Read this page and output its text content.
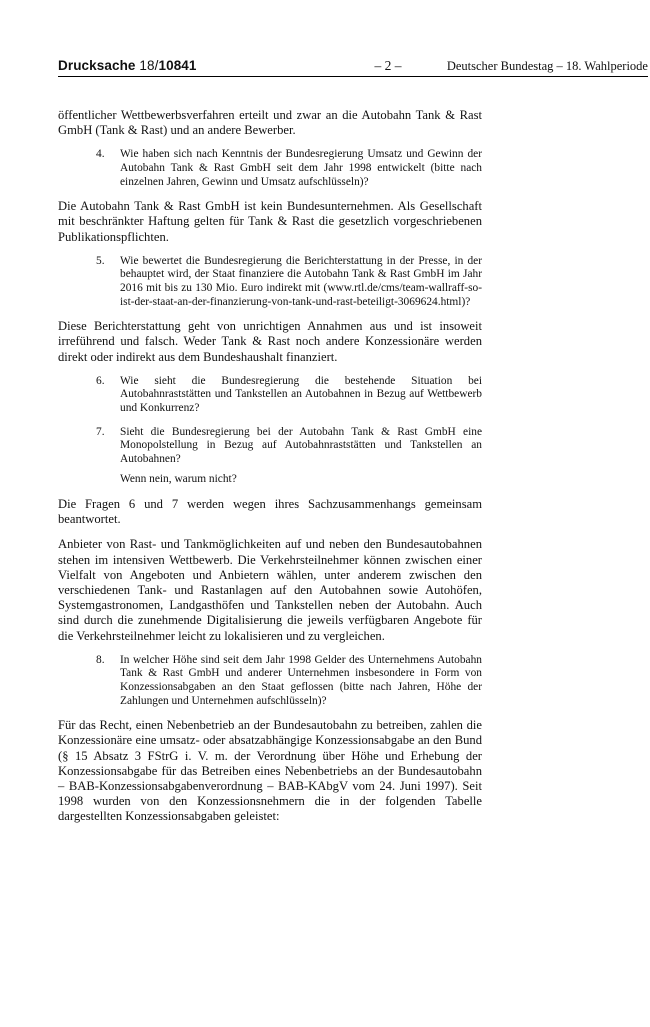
Drucksache 18/10841	– 2 –	Deutscher Bundestag – 18. Wahlperiode
öffentlicher Wettbewerbsverfahren erteilt und zwar an die Autobahn Tank & Rast GmbH (Tank & Rast) und an andere Bewerber.
4. Wie haben sich nach Kenntnis der Bundesregierung Umsatz und Gewinn der Autobahn Tank & Rast GmbH seit dem Jahr 1998 entwickelt (bitte nach einzelnen Jahren, Gewinn und Umsatz aufschlüsseln)?
Die Autobahn Tank & Rast GmbH ist kein Bundesunternehmen. Als Gesellschaft mit beschränkter Haftung gelten für Tank & Rast die gesetzlich vorgeschriebenen Publikationspflichten.
5. Wie bewertet die Bundesregierung die Berichterstattung in der Presse, in der behauptet wird, der Staat finanziere die Autobahn Tank & Rast GmbH im Jahr 2016 mit bis zu 130 Mio. Euro indirekt mit (www.rtl.de/cms/team-wallraff-so-ist-der-staat-an-der-finanzierung-von-tank-und-rast-beteiligt-3069624.html)?
Diese Berichterstattung geht von unrichtigen Annahmen aus und ist insoweit irreführend und falsch. Weder Tank & Rast noch andere Konzessionäre werden direkt oder indirekt aus dem Bundeshaushalt finanziert.
6. Wie sieht die Bundesregierung die bestehende Situation bei Autobahnraststätten und Tankstellen an Autobahnen in Bezug auf Wettbewerb und Konkurrenz?
7. Sieht die Bundesregierung bei der Autobahn Tank & Rast GmbH eine Monopolstellung in Bezug auf Autobahnraststätten und Tankstellen an Autobahnen?
Wenn nein, warum nicht?
Die Fragen 6 und 7 werden wegen ihres Sachzusammenhangs gemeinsam beantwortet.
Anbieter von Rast- und Tankmöglichkeiten auf und neben den Bundesautobahnen stehen im intensiven Wettbewerb. Die Verkehrsteilnehmer können zwischen einer Vielfalt von Angeboten und Anbietern wählen, unter anderem zwischen den verschiedenen Tank- und Rastanlagen auf den Autobahnen sowie Autohöfen, Systemgastronomen, Landgasthöfen und Tankstellen neben der Autobahn. Auch sind durch die zunehmende Digitalisierung die jeweils verfügbaren Angebote für die Verkehrsteilnehmer leicht zu lokalisieren und zu vergleichen.
8. In welcher Höhe sind seit dem Jahr 1998 Gelder des Unternehmens Autobahn Tank & Rast GmbH und anderer Unternehmen insbesondere in Form von Konzessionsabgaben an den Staat geflossen (bitte nach Jahren, Höhe der Zahlungen und Unternehmen aufschlüsseln)?
Für das Recht, einen Nebenbetrieb an der Bundesautobahn zu betreiben, zahlen die Konzessionäre eine umsatz- oder absatzabhängige Konzessionsabgabe an den Bund (§ 15 Absatz 3 FStrG i. V. m. der Verordnung über Höhe und Erhebung der Konzessionsabgabe für das Betreiben eines Nebenbetriebs an der Bundesautobahn – BAB-Konzessionsabgabenverordnung – BAB-KAbgV vom 24. Juni 1997). Seit 1998 wurden von den Konzessionsnehmern die in der folgenden Tabelle dargestellten Konzessionsabgaben geleistet:
